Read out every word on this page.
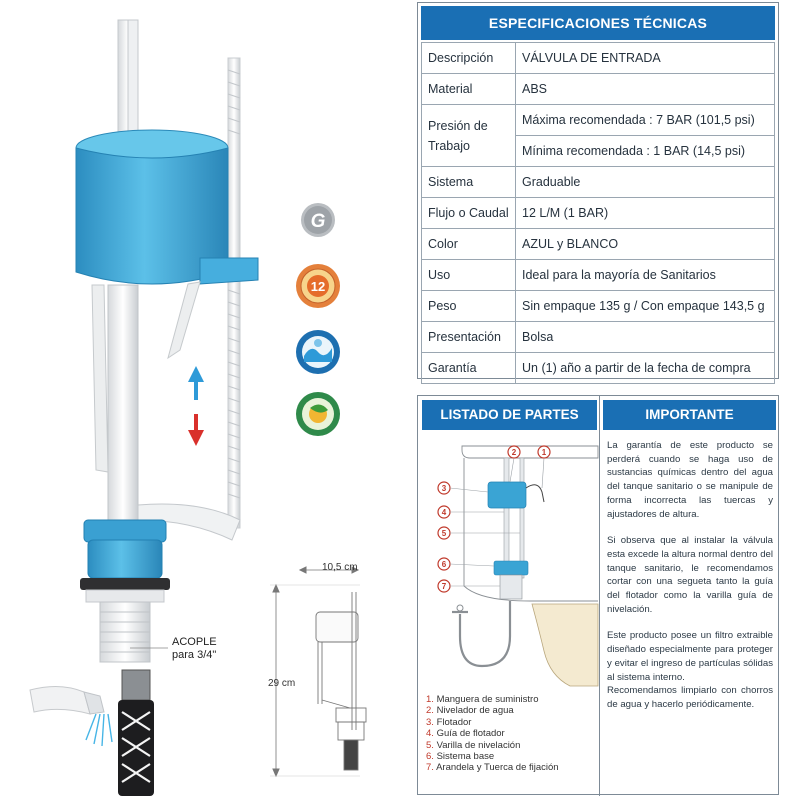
G
12
ACOPLE
para 3/4"
10,5 cm
29 cm
ESPECIFICACIONES TÉCNICAS
Descripción	VÁLVULA DE ENTRADA
Material	ABS
Presión de Trabajo	Máxima recomendada : 7 BAR (101,5 psi)
	Mínima recomendada : 1 BAR (14,5 psi)
Sistema	Graduable
Flujo o Caudal	12 L/M (1 BAR)
Color	AZUL y BLANCO
Uso	Ideal para la mayoría de Sanitarios
Peso	Sin empaque 135 g / Con empaque 143,5 g
Presentación	Bolsa
Garantía	Un (1) año a partir de la fecha de compra
LISTADO DE PARTES	IMPORTANTE
1
2
3
4
5
6
7
1. Manguera de suministro
2. Nivelador de agua
3. Flotador
4. Guía de flotador
5. Varilla de nivelación
6. Sistema base
7. Arandela y Tuerca de fijación

La garantía de este producto se perderá cuando se haga uso de sustancias químicas dentro del agua del tanque sanitario o se manipule de forma incorrecta las tuercas y ajustadores de altura.

Si observa que al instalar la válvula esta excede la altura normal dentro del tanque sanitario, le recomendamos cortar con una segueta tanto la guía del flotador como la varilla guía de nivelación.

Este producto posee un filtro extraible diseñado especialmente para proteger y evitar el ingreso de partículas sólidas al sistema interno.

Recomendamos limpiarlo con chorros de agua y hacerlo periódicamente.
